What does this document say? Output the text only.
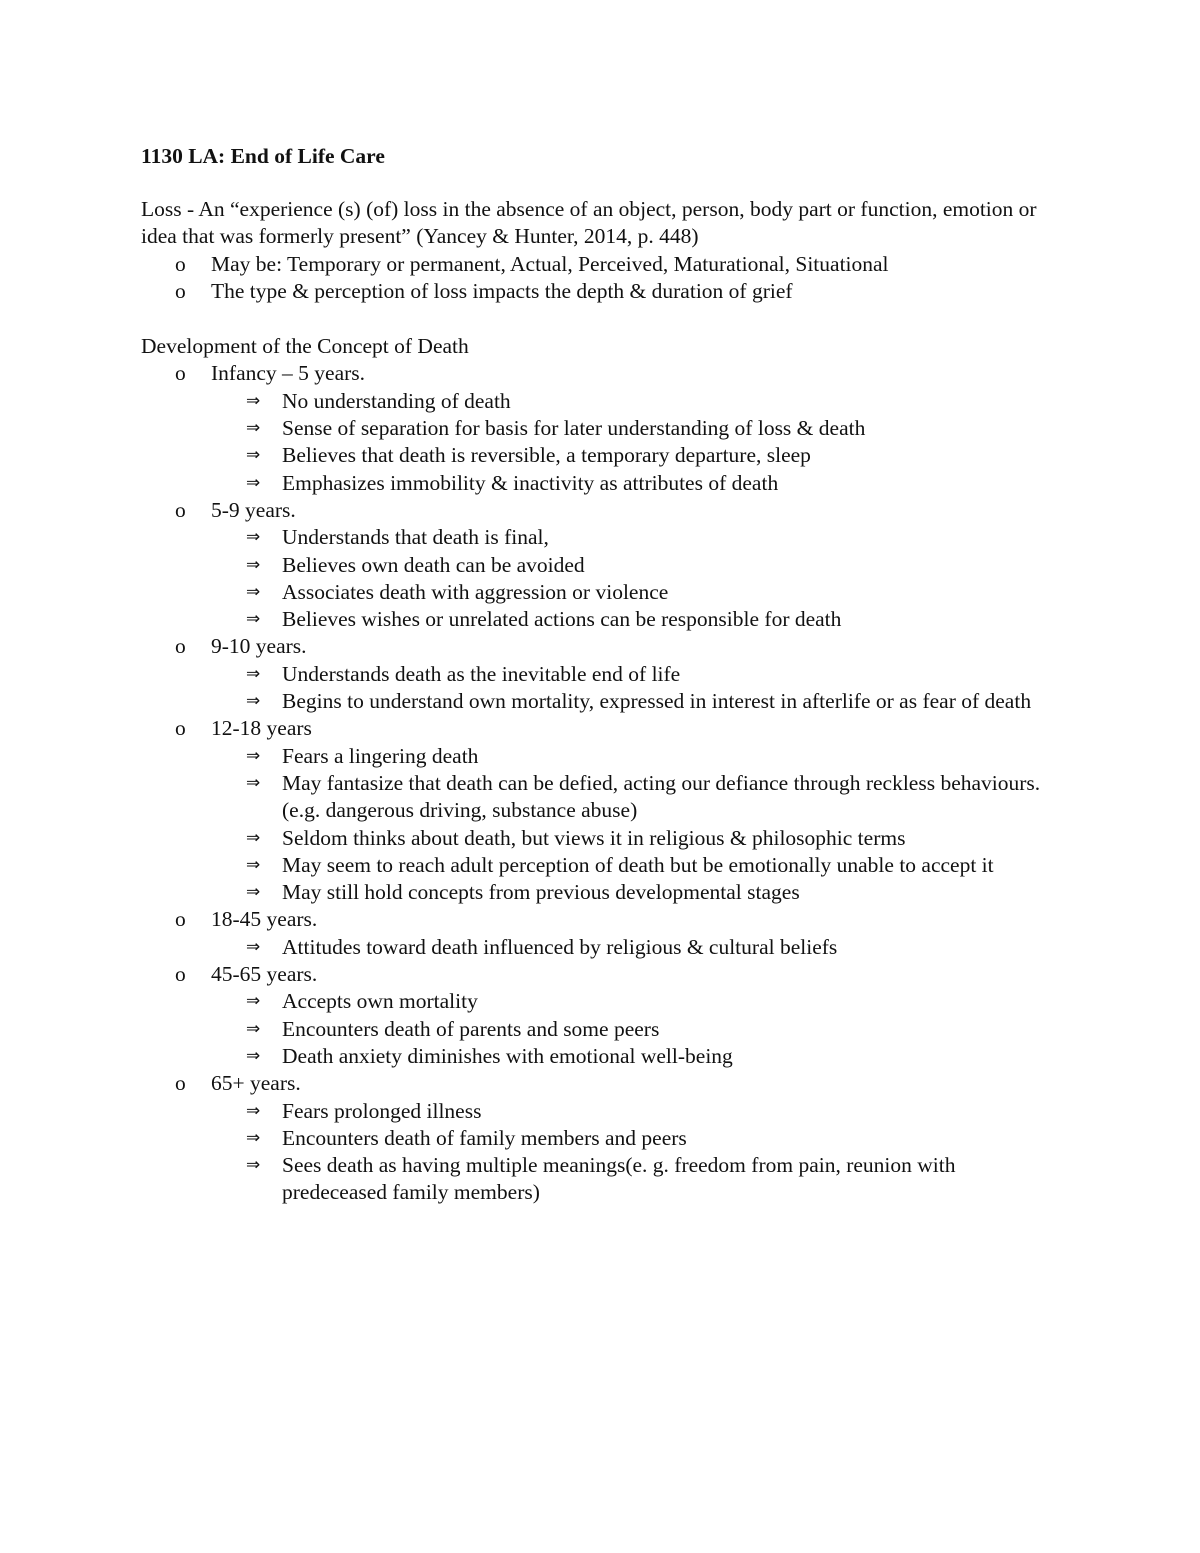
1130 LA: End of Life Care

Loss - An “experience (s) (of) loss in the absence of an object, person, body part or function, emotion or idea that was formerly present” (Yancey & Hunter, 2014, p. 448)

o May be: Temporary or permanent, Actual, Perceived, Maturational, Situational
o The type & perception of loss impacts the depth & duration of grief

Development of the Concept of Death

o Infancy – 5 years.
⇒ No understanding of death
⇒ Sense of separation for basis for later understanding of loss & death
⇒ Believes that death is reversible, a temporary departure, sleep
⇒ Emphasizes immobility & inactivity as attributes of death
o 5-9 years.
⇒ Understands that death is final,
⇒ Believes own death can be avoided
⇒ Associates death with aggression or violence
⇒ Believes wishes or unrelated actions can be responsible for death
o 9-10 years.
⇒ Understands death as the inevitable end of life
⇒ Begins to understand own mortality, expressed in interest in afterlife or as fear of death
o 12-18 years
⇒ Fears a lingering death
⇒ May fantasize that death can be defied, acting our defiance through reckless behaviours. (e.g. dangerous driving, substance abuse)
⇒ Seldom thinks about death, but views it in religious & philosophic terms
⇒ May seem to reach adult perception of death but be emotionally unable to accept it
⇒ May still hold concepts from previous developmental stages
o 18-45 years.
⇒ Attitudes toward death influenced by religious & cultural beliefs
o 45-65 years.
⇒ Accepts own mortality
⇒ Encounters death of parents and some peers
⇒ Death anxiety diminishes with emotional well-being
o 65+ years.
⇒ Fears prolonged illness
⇒ Encounters death of family members and peers
⇒ Sees death as having multiple meanings(e. g. freedom from pain, reunion with predeceased family members)
